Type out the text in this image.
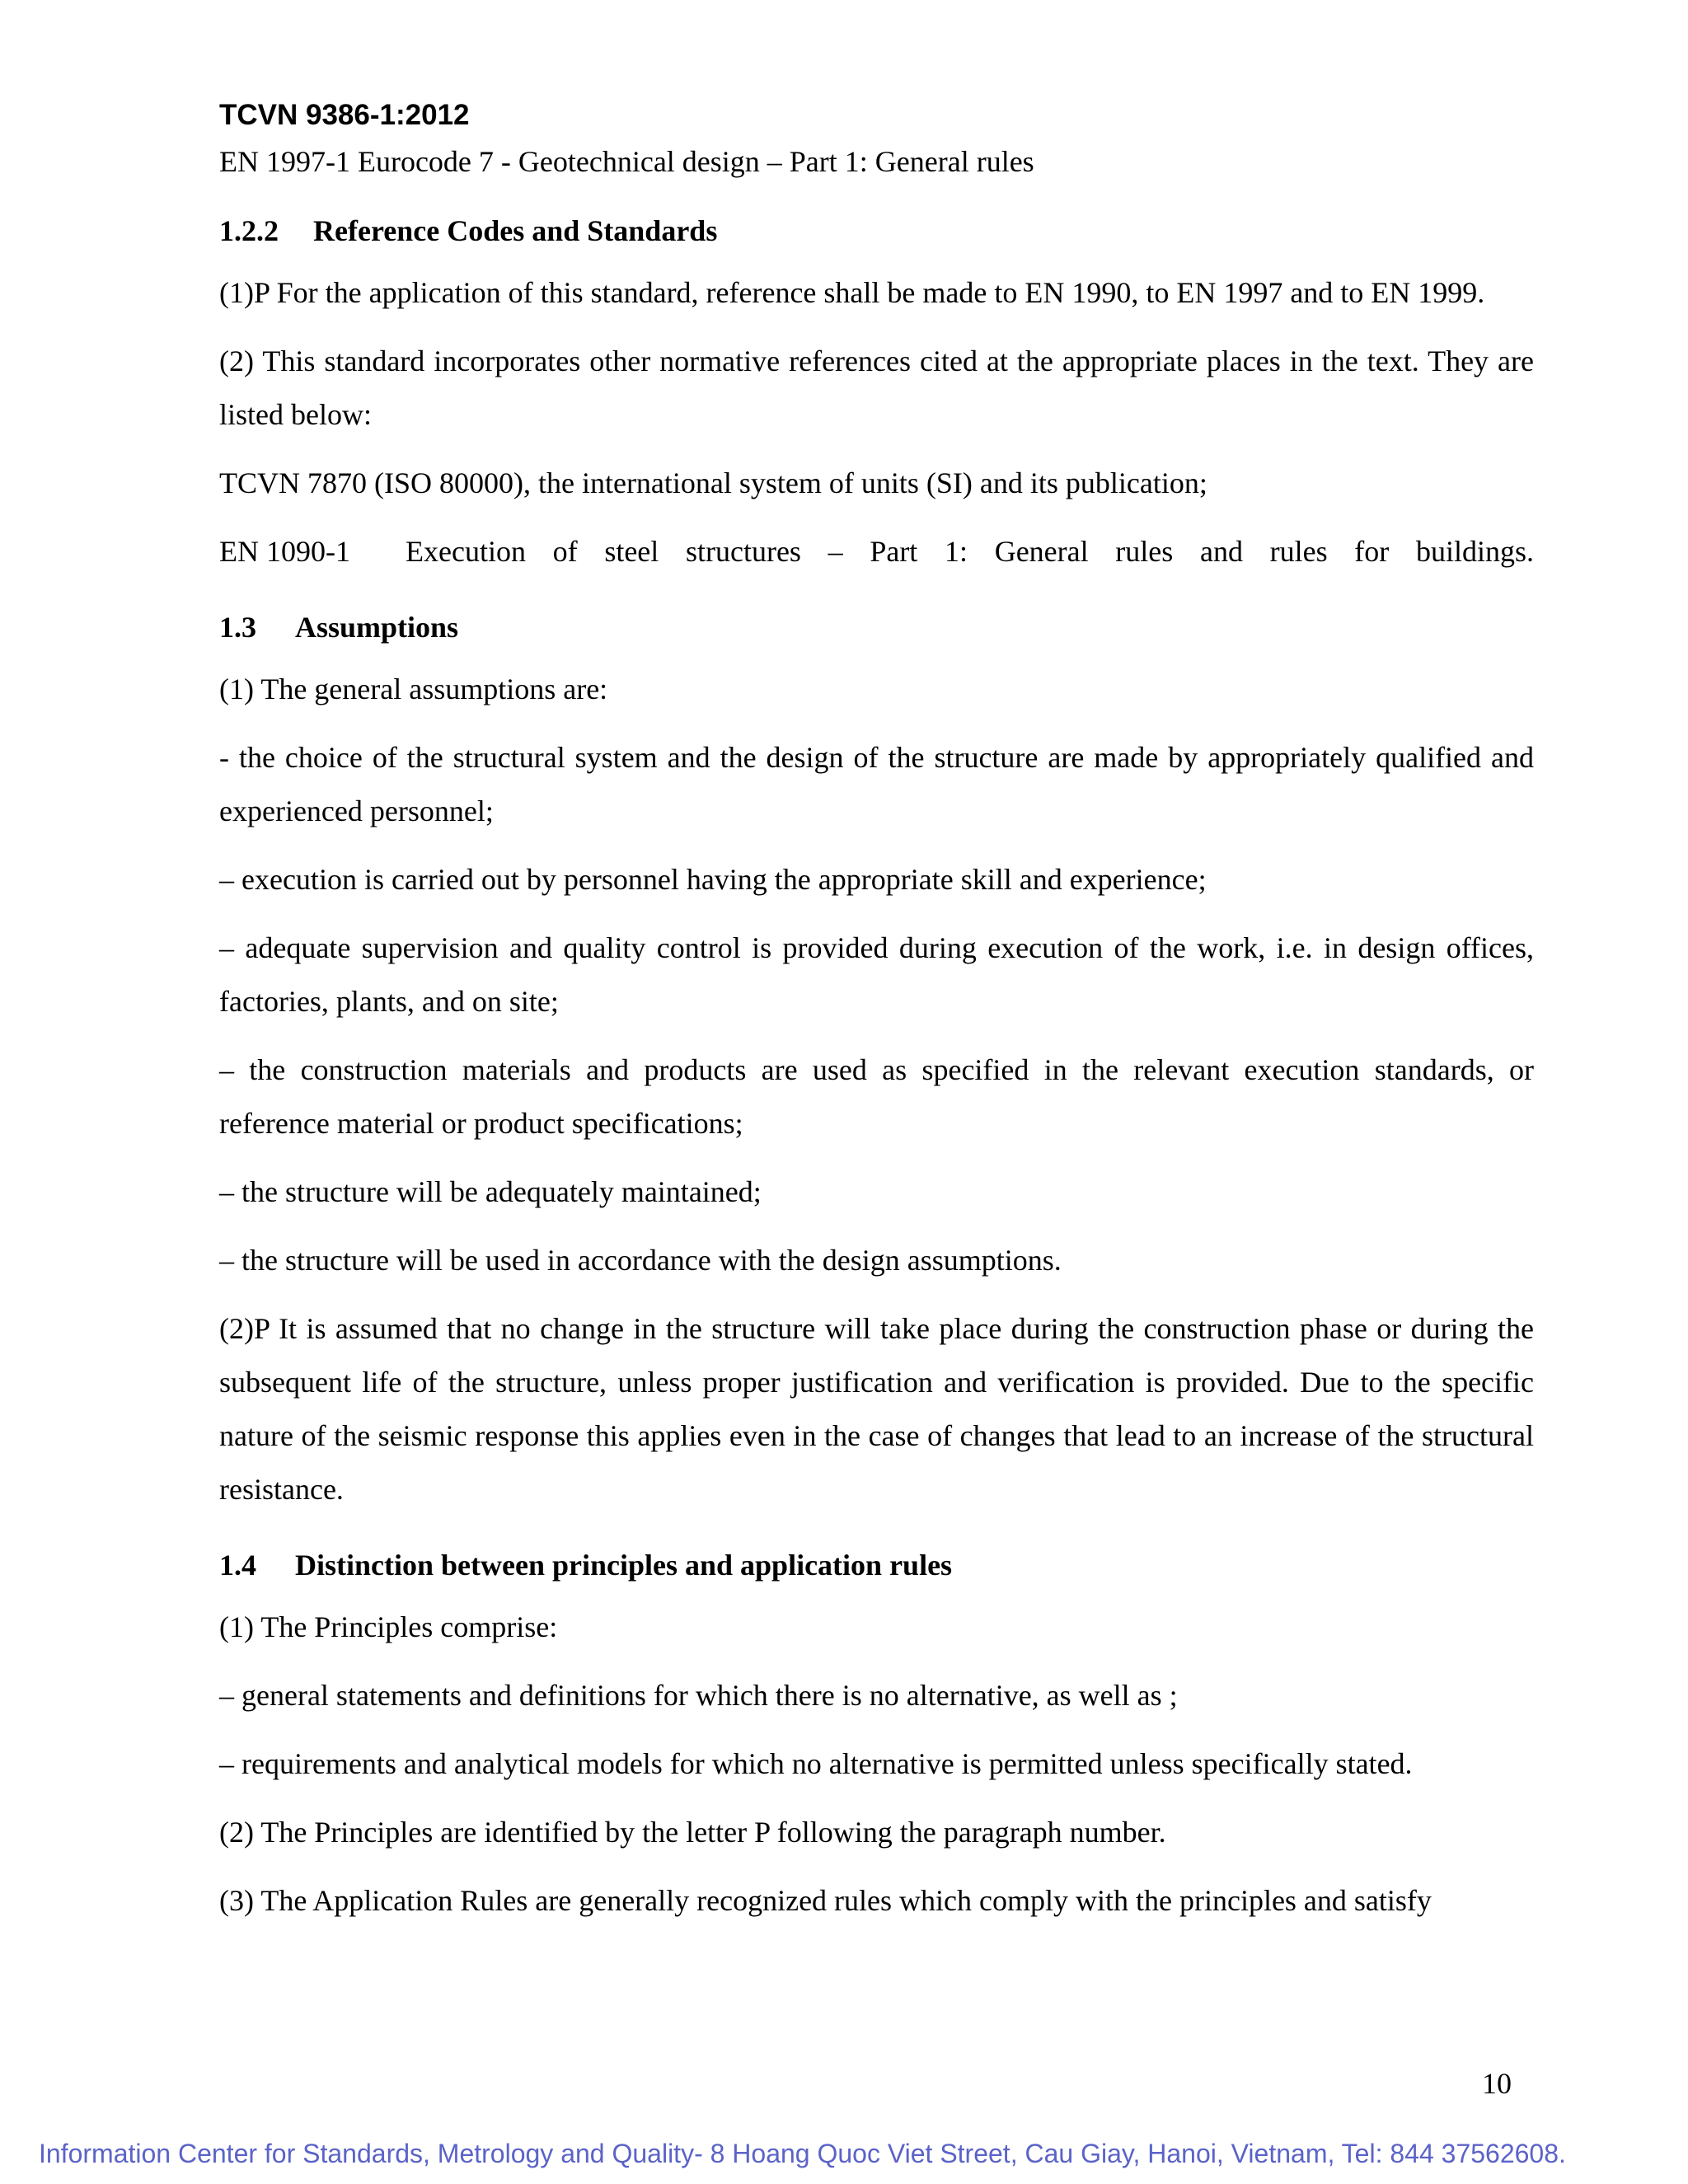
TCVN 9386-1:2012
EN 1997-1 Eurocode 7 - Geotechnical design – Part 1: General rules
1.2.2	Reference Codes and Standards
(1)P For the application of this standard, reference shall be made to EN 1990, to EN 1997 and to EN 1999.
(2) This standard incorporates other normative references cited at the appropriate places in the text. They are listed below:
TCVN 7870 (ISO 80000), the international system of units (SI) and its publication;
EN 1090-1	Execution of steel structures – Part 1: General rules and rules for buildings.
1.3	Assumptions
(1) The general assumptions are:
- the choice of the structural system and the design of the structure are made by appropriately qualified and experienced personnel;
– execution is carried out by personnel having the appropriate skill and experience;
– adequate supervision and quality control is provided during execution of the work, i.e. in design offices, factories, plants, and on site;
– the construction materials and products are used as specified in the relevant execution standards, or reference material or product specifications;
– the structure will be adequately maintained;
– the structure will be used in accordance with the design assumptions.
(2)P It is assumed that no change in the structure will take place during the construction phase or during the subsequent life of the structure, unless proper justification and verification is provided. Due to the specific nature of the seismic response this applies even in the case of changes that lead to an increase of the structural resistance.
1.4	Distinction between principles and application rules
(1) The Principles comprise:
– general statements and definitions for which there is no alternative, as well as ;
– requirements and analytical models for which no alternative is permitted unless specifically stated.
(2) The Principles are identified by the letter P following the paragraph number.
(3) The Application Rules are generally recognized rules which comply with the principles and satisfy
10
Information Center for Standards, Metrology and Quality- 8 Hoang Quoc Viet Street, Cau Giay, Hanoi, Vietnam, Tel: 844 37562608.
